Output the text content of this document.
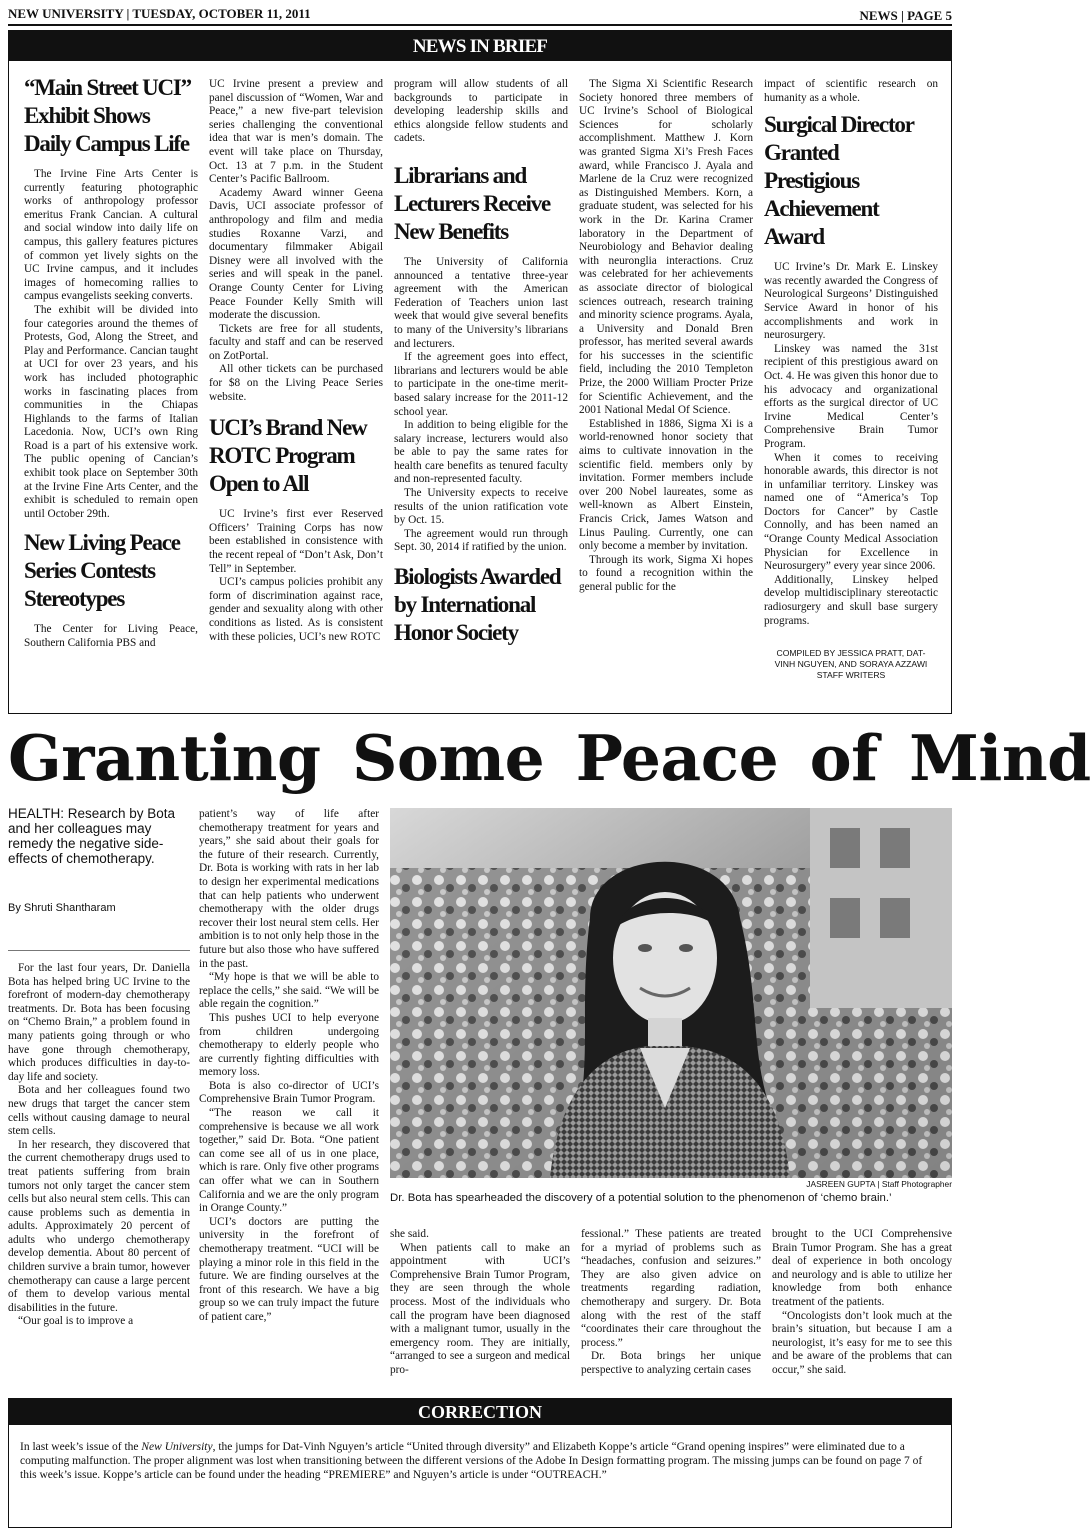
NEW UNIVERSITY | TUESDAY, OCTOBER 11, 2011	NEWS | PAGE 5
NEWS IN BRIEF
“Main Street UCI” Exhibit Shows Daily Campus Life

The Irvine Fine Arts Center is currently featuring photographic works of anthropology professor emeritus Frank Cancian. A cultural and social window into daily life on campus, this gallery features pictures of common yet lively sights on the UC Irvine campus, and it includes images of homecoming rallies to campus evangelists seeking converts.

The exhibit will be divided into four categories around the themes of Protests, God, Along the Street, and Play and Performance. Cancian taught at UCI for over 23 years, and his work has included photographic works in fascinating places from communities in the Chiapas Highlands to the farms of Italian Lacedonia. Now, UCI’s own Ring Road is a part of his extensive work. The public opening of Cancian’s exhibit took place on September 30th at the Irvine Fine Arts Center, and the exhibit is scheduled to remain open until October 29th.

New Living Peace Series Contests Stereotypes

The Center for Living Peace, Southern California PBS and

UC Irvine present a preview and panel discussion of “Women, War and Peace,” a new five-part television series challenging the conventional idea that war is men’s domain. The event will take place on Thursday, Oct. 13 at 7 p.m. in the Student Center’s Pacific Ballroom.

Academy Award winner Geena Davis, UCI associate professor of anthropology and film and media studies Roxanne Varzi, and documentary filmmaker Abigail Disney were all involved with the series and will speak in the panel. Orange County Center for Living Peace Founder Kelly Smith will moderate the discussion.

Tickets are free for all students, faculty and staff and can be reserved on ZotPortal.

All other tickets can be purchased for $8 on the Living Peace Series website.

UCI’s Brand New ROTC Program Open to All

UC Irvine’s first ever Reserved Officers’ Training Corps has now been established in consistence with the recent repeal of “Don’t Ask, Don’t Tell” in September.

UCI’s campus policies prohibit any form of discrimination against race, gender and sexuality along with other conditions as listed. As is consistent with these policies, UCI’s new ROTC

program will allow students of all backgrounds to participate in developing leadership skills and ethics alongside fellow students and cadets.

Librarians and Lecturers Receive New Benefits

The University of California announced a tentative three-year agreement with the American Federation of Teachers union last week that would give several benefits to many of the University’s librarians and lecturers.

If the agreement goes into effect, librarians and lecturers would be able to participate in the one-time merit-based salary increase for the 2011-12 school year.

In addition to being eligible for the salary increase, lecturers would also be able to pay the same rates for health care benefits as tenured faculty and non-represented faculty.

The University expects to receive results of the union ratification vote by Oct. 15.

The agreement would run through Sept. 30, 2014 if ratified by the union.

Biologists Awarded by International Honor Society

The Sigma Xi Scientific Research Society honored three members of UC Irvine’s School of Biological Sciences for scholarly accomplishment. Matthew J. Korn was granted Sigma Xi’s Fresh Faces award, while Francisco J. Ayala and Marlene de la Cruz were recognized as Distinguished Members. Korn, a graduate student, was selected for his work in the Dr. Karina Cramer laboratory in the Department of Neurobiology and Behavior dealing with neuronglia interactions. Cruz was celebrated for her achievements as associate director of biological sciences outreach, research training and minority science programs. Ayala, a University and Donald Bren professor, has merited several awards for his successes in the scientific field, including the 2010 Templeton Prize, the 2000 William Procter Prize for Scientific Achievement, and the 2001 National Medal Of Science.

Established in 1886, Sigma Xi is a world-renowned honor society that aims to cultivate innovation in the scientific field. members only by invitation. Former members include over 200 Nobel laureates, some as well-known as Albert Einstein, Francis Crick, James Watson and Linus Pauling. Currently, one can only become a member by invitation.

Through its work, Sigma Xi hopes to found a recognition within the general public for the

impact of scientific research on humanity as a whole.

Surgical Director Granted Prestigious Achievement Award

UC Irvine’s Dr. Mark E. Linskey was recently awarded the Congress of Neurological Surgeons’ Distinguished Service Award in honor of his accomplishments and work in neurosurgery.

Linskey was named the 31st recipient of this prestigious award on Oct. 4. He was given this honor due to his advocacy and organizational efforts as the surgical director of UC Irvine Medical Center’s Comprehensive Brain Tumor Program.

When it comes to receiving honorable awards, this director is not in unfamiliar territory. Linskey was named one of “America’s Top Doctors for Cancer” by Castle Connolly, and has been named an “Orange County Medical Association Physician for Excellence in Neurosurgery” every year since 2006.

Additionally, Linskey helped develop multidisciplinary stereotactic radiosurgery and skull base surgery programs.

COMPILED BY JESSICA PRATT, DAT-VINH NGUYEN, AND SORAYA AZZAWI STAFF WRITERS
Granting Some Peace of Mind
HEALTH: Research by Bota and her colleagues may remedy the negative side-effects of chemotherapy.
By Shruti Shantharam

For the last four years, Dr. Daniella Bota has helped bring UC Irvine to the forefront of modern-day chemotherapy treatments. Dr. Bota has been focusing on “Chemo Brain,” a problem found in many patients going through or who have gone through chemotherapy, which produces difficulties in day-to-day life and society.

Bota and her colleagues found two new drugs that target the cancer stem cells without causing damage to neural stem cells.

In her research, they discovered that the current chemotherapy drugs used to treat patients suffering from brain tumors not only target the cancer stem cells but also neural stem cells. This can cause problems such as dementia in adults. Approximately 20 percent of adults who undergo chemotherapy develop dementia. About 80 percent of children survive a brain tumor, however chemotherapy can cause a large percent of them to develop various mental disabilities in the future.

“Our goal is to improve a

patient’s way of life after chemotherapy treatment for years and years,” she said about their goals for the future of their research. Currently, Dr. Bota is working with rats in her lab to design her experimental medications that can help patients who underwent chemotherapy with the older drugs recover their lost neural stem cells. Her ambition is to not only help those in the future but also those who have suffered in the past.

“My hope is that we will be able to replace the cells,” she said. “We will be able regain the cognition.”

This pushes UCI to help everyone from children undergoing chemotherapy to elderly people who are currently fighting difficulties with memory loss.

Bota is also co-director of UCI’s Comprehensive Brain Tumor Program.

“The reason we call it comprehensive is because we all work together,” said Dr. Bota. “One patient can come see all of us in one place, which is rare. Only five other programs can offer what we can in Southern California and we are the only program in Orange County.”

UCI’s doctors are putting the university in the forefront of chemotherapy treatment. “UCI will be playing a minor role in this field in the future. We are finding ourselves at the front of this research. We have a big group so we can truly impact the future of patient care,”

JASREEN GUPTA | Staff Photographer
Dr. Bota has spearheaded the discovery of a potential solution to the phenomenon of ‘chemo brain.’

she said.

When patients call to make an appointment with UCI’s Comprehensive Brain Tumor Program, they are seen through the whole process. Most of the individuals who call the program have been diagnosed with a malignant tumor, usually in the emergency room. They are initially, “arranged to see a surgeon and medical pro-

fessional.” These patients are treated for a myriad of problems such as “headaches, confusion and seizures.” They are also given advice on treatments regarding radiation, chemotherapy and surgery. Dr. Bota along with the rest of the staff “coordinates their care throughout the process.”

Dr. Bota brings her unique perspective to analyzing certain cases

brought to the UCI Comprehensive Brain Tumor Program. She has a great deal of experience in both oncology and neurology and is able to utilize her knowledge from both enhance treatment of the patients.

“Oncologists don’t look much at the brain’s situation, but because I am a neurologist, it’s easy for me to see this and be aware of the problems that can occur,” she said.

CORRECTION
In last week’s issue of the New University, the jumps for Dat-Vinh Nguyen’s article “United through diversity” and Elizabeth Koppe’s article “Grand opening inspires” were eliminated due to a computing malfunction. The proper alignment was lost when transitioning between the different versions of the Adobe In Design formatting program. The missing jumps can be found on page 7 of this week’s issue. Koppe’s article can be found under the heading “PREMIERE” and Nguyen’s article is under “OUTREACH.”
